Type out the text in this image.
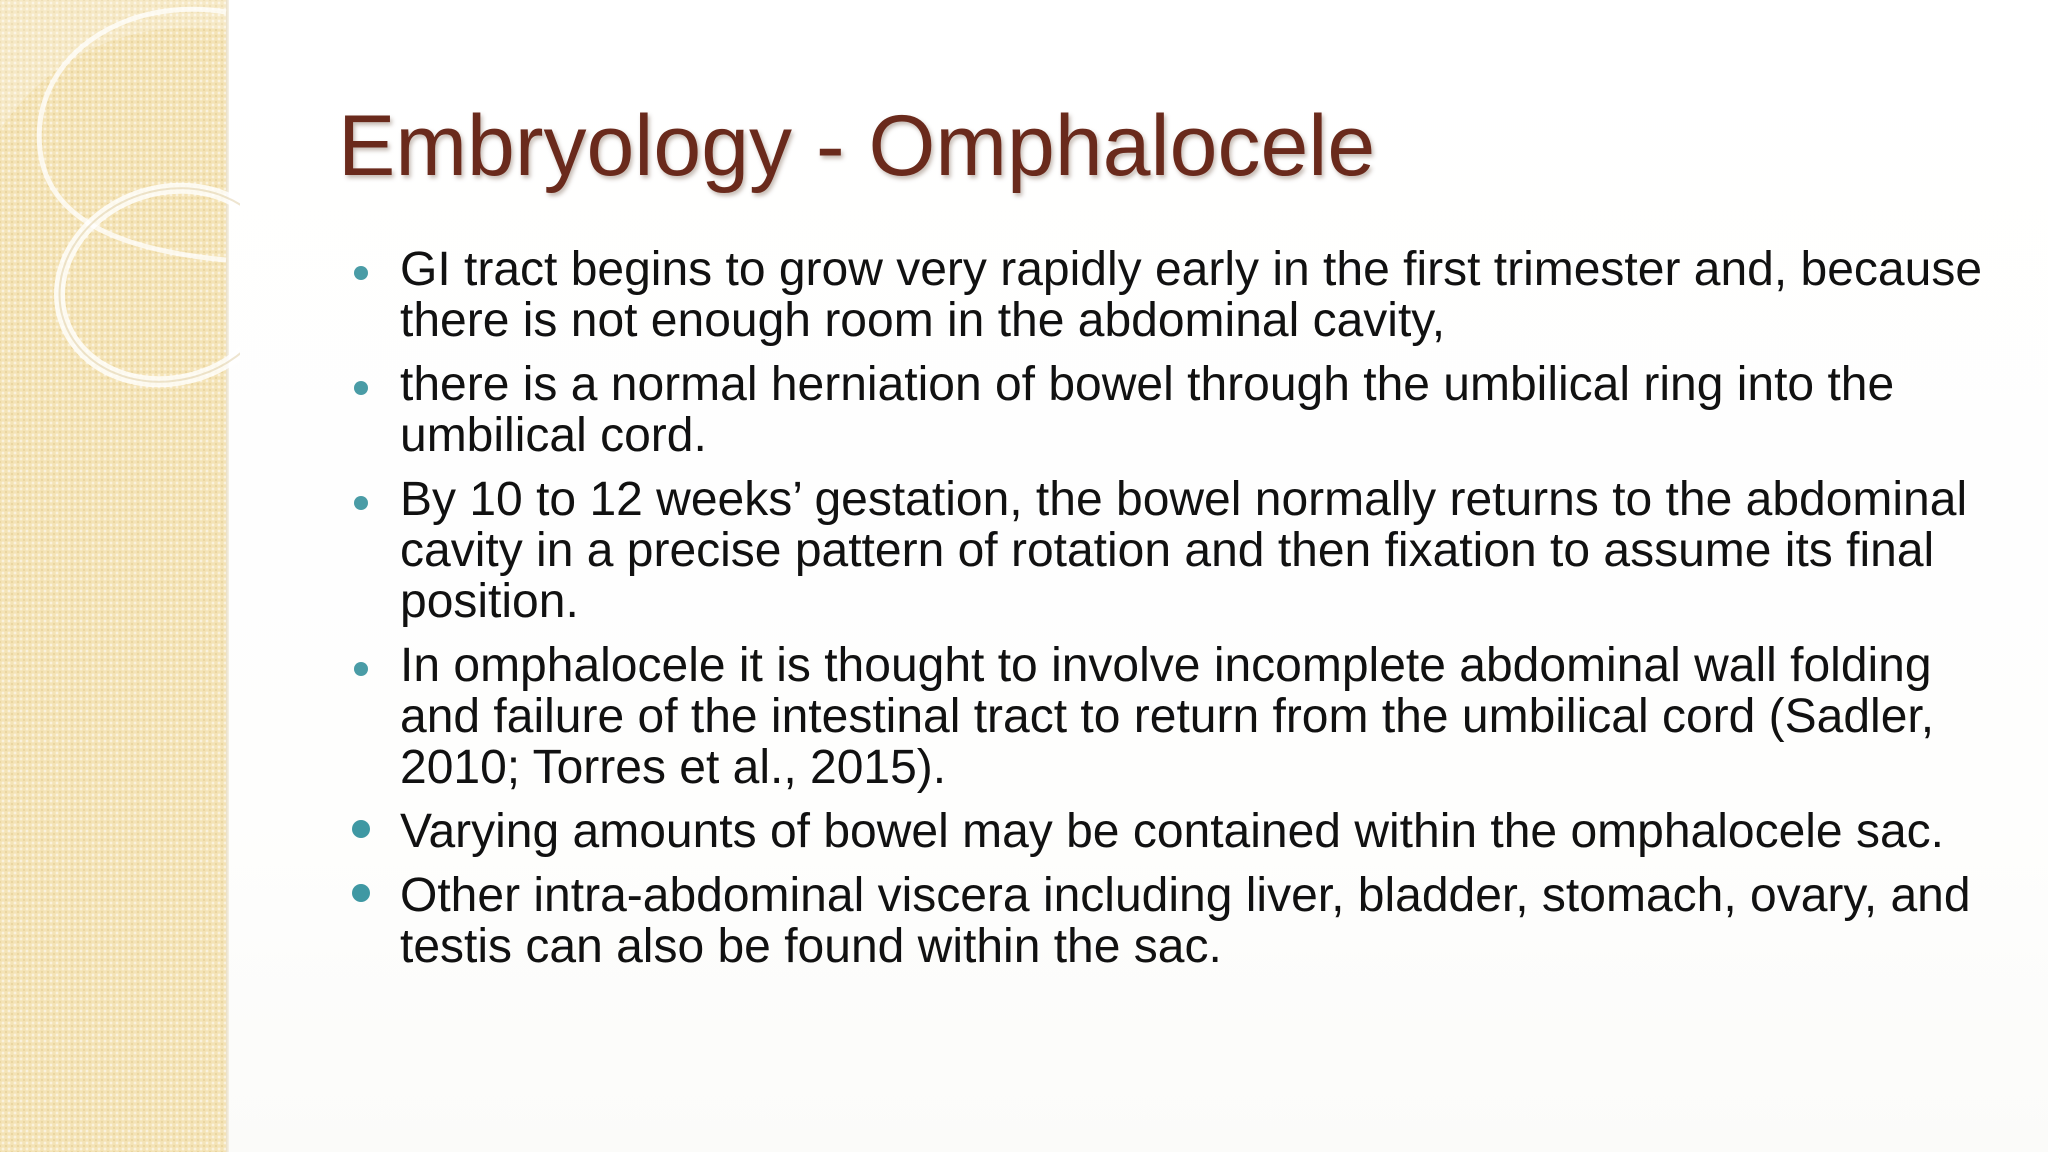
Embryology - Omphalocele
GI tract begins to grow very rapidly early in the first trimester and, because there is not enough room in the abdominal cavity,
there is a normal herniation of bowel through the umbilical ring into the umbilical cord.
By 10 to 12 weeks’ gestation, the bowel normally returns to the abdominal cavity in a precise pattern of rotation and then fixation to assume its final position.
In omphalocele it is thought to involve incomplete abdominal wall folding and failure of the intestinal tract to return from the umbilical cord (Sadler, 2010; Torres et al., 2015).
Varying amounts of bowel may be contained within the omphalocele sac.
Other intra-abdominal viscera including liver, bladder, stomach, ovary, and testis can also be found within the sac.
